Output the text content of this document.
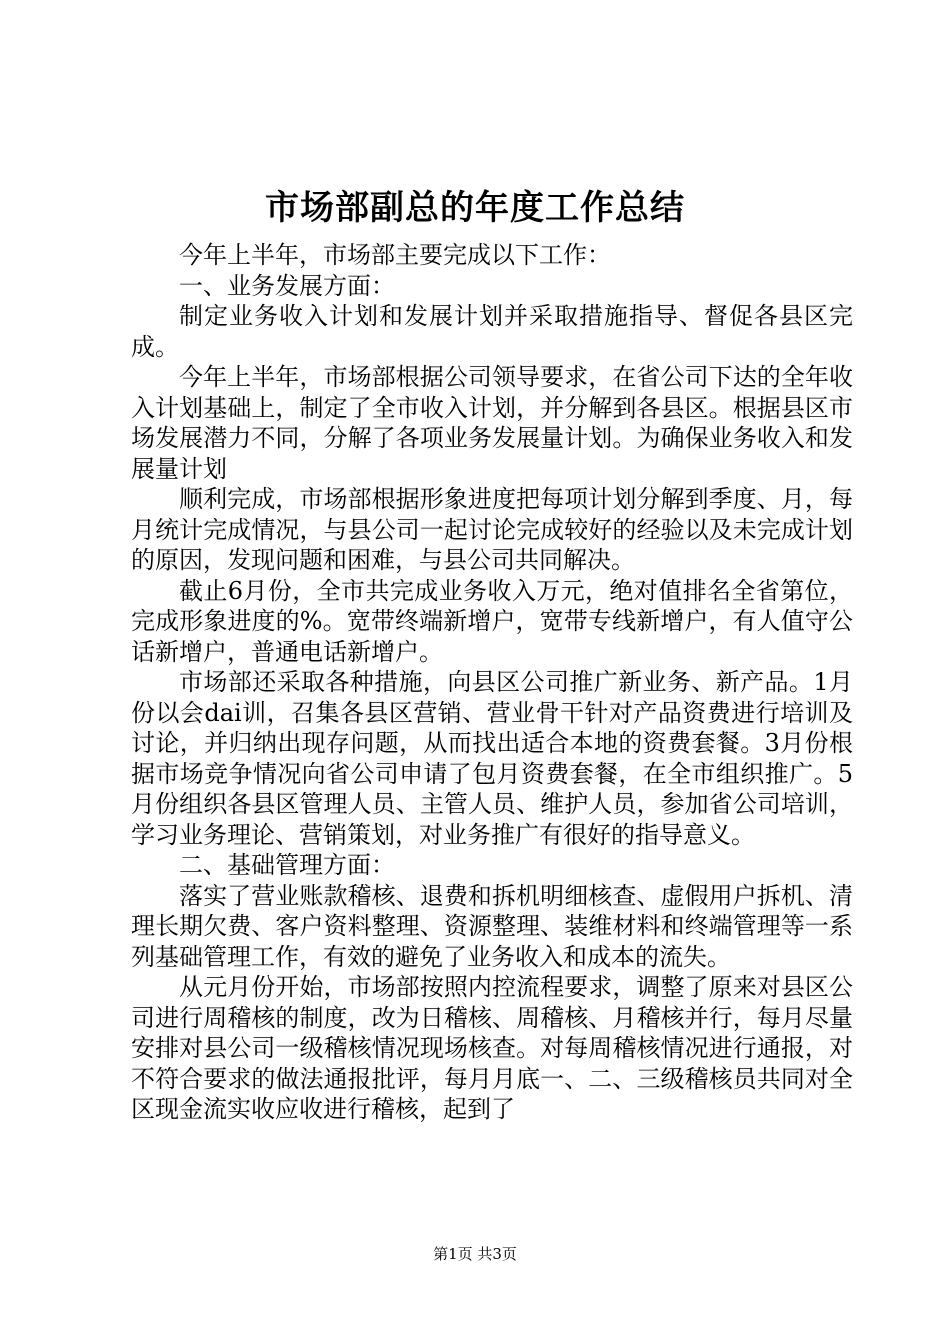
市场部副总的年度工作总结

今年上半年，市场部主要完成以下工作：

一、业务发展方面：

制定业务收入计划和发展计划并采取措施指导、督促各县区完成。

今年上半年，市场部根据公司领导要求，在省公司下达的全年收入计划基础上，制定了全市收入计划，并分解到各县区。根据县区市场发展潜力不同，分解了各项业务发展量计划。为确保业务收入和发展量计划

顺利完成，市场部根据形象进度把每项计划分解到季度、月，每月统计完成情况，与县公司一起讨论完成较好的经验以及未完成计划的原因，发现问题和困难，与县公司共同解决。

截止6月份，全市共完成业务收入万元，绝对值排名全省第位，完成形象进度的%。宽带终端新增户，宽带专线新增户，有人值守公话新增户，普通电话新增户。

市场部还采取各种措施，向县区公司推广新业务、新产品。1月份以会dai训，召集各县区营销、营业骨干针对产品资费进行培训及讨论，并归纳出现存问题，从而找出适合本地的资费套餐。3月份根据市场竞争情况向省公司申请了包月资费套餐，在全市组织推广。5月份组织各县区管理人员、主管人员、维护人员，参加省公司培训，学习业务理论、营销策划，对业务推广有很好的指导意义。

二、基础管理方面：

落实了营业账款稽核、退费和拆机明细核查、虚假用户拆机、清理长期欠费、客户资料整理、资源整理、装维材料和终端管理等一系列基础管理工作，有效的避免了业务收入和成本的流失。

从元月份开始，市场部按照内控流程要求，调整了原来对县区公司进行周稽核的制度，改为日稽核、周稽核、月稽核并行，每月尽量安排对县公司一级稽核情况现场核查。对每周稽核情况进行通报，对不符合要求的做法通报批评，每月月底一、二、三级稽核员共同对全区现金流实收应收进行稽核，起到了

第1页 共3页
